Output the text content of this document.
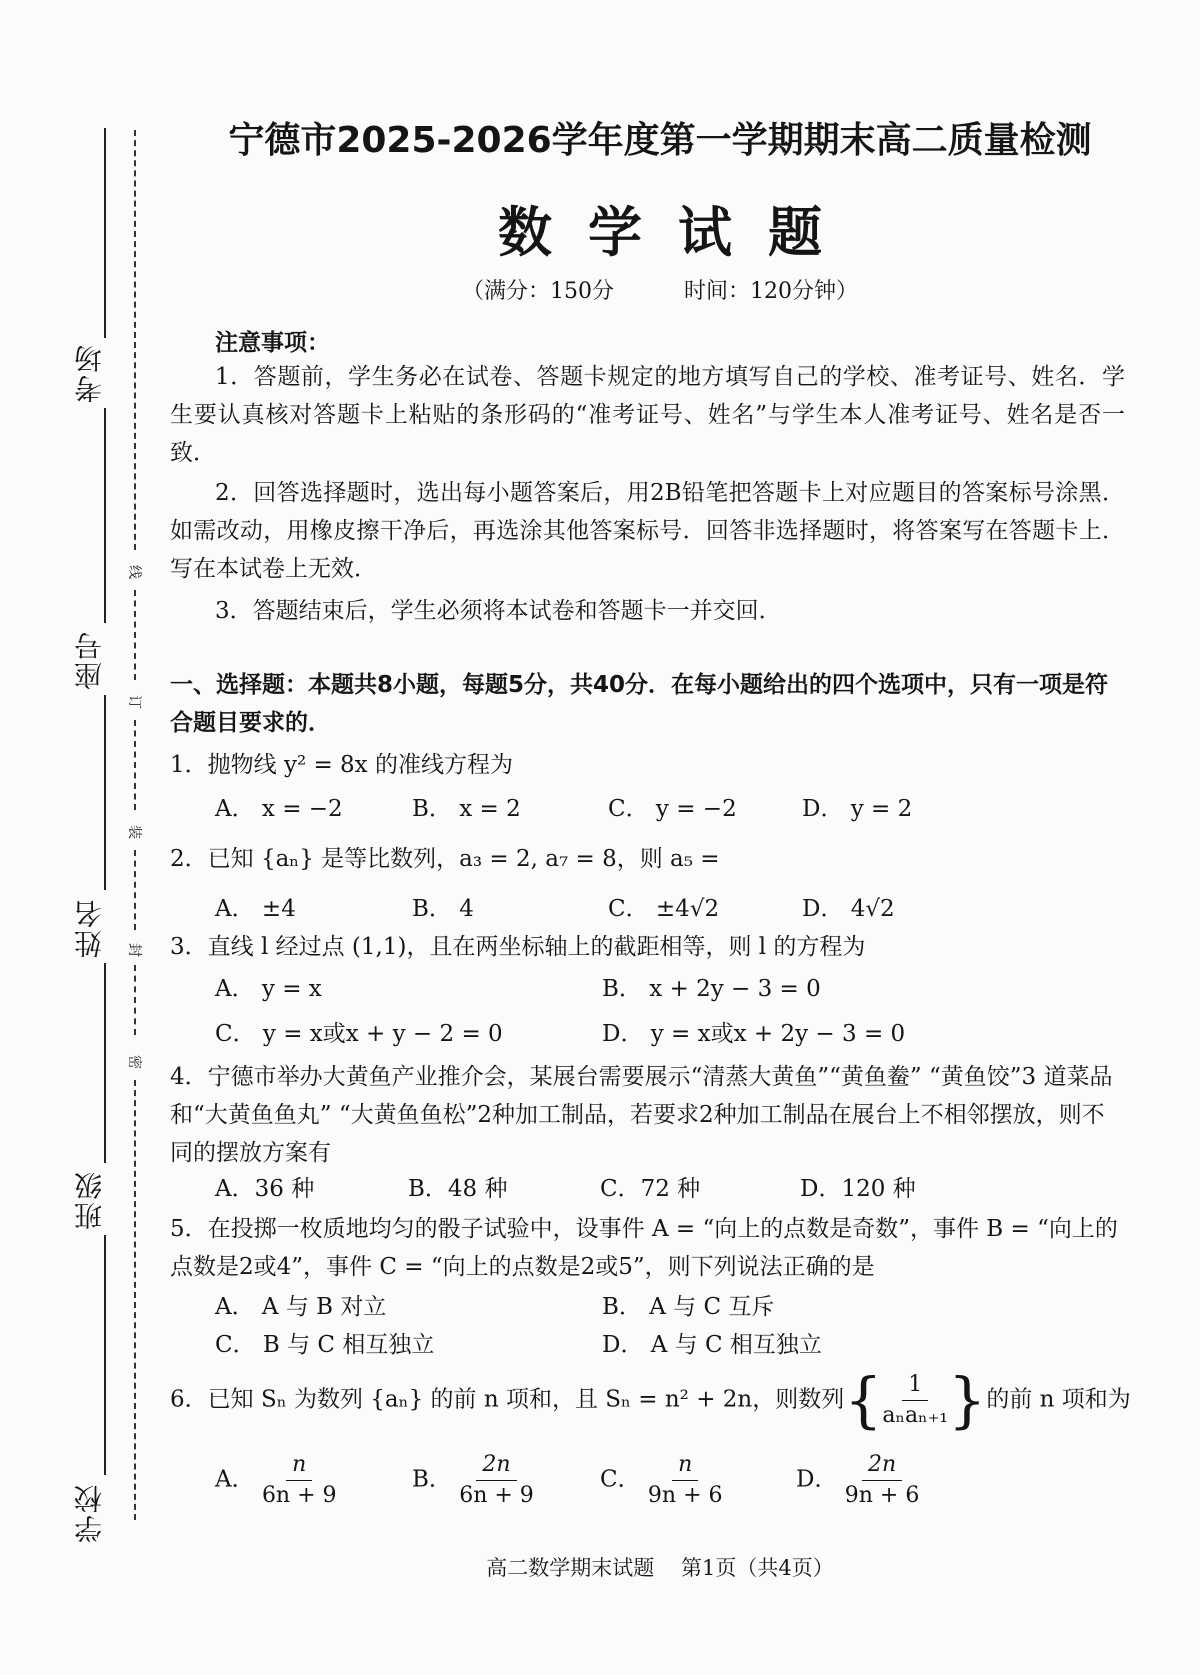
考场
座号
姓名
班级
学校
线
订
装
封
密
宁德市2025-2026学年度第一学期期末高二质量检测
数学试题
（满分：150分          时间：120分钟）
注意事项：
1．答题前，学生务必在试卷、答题卡规定的地方填写自己的学校、准考证号、姓名．学生要认真核对答题卡上粘贴的条形码的“准考证号、姓名”与学生本人准考证号、姓名是否一致．
2．回答选择题时，选出每小题答案后，用2B铅笔把答题卡上对应题目的答案标号涂黑．如需改动，用橡皮擦干净后，再选涂其他答案标号．回答非选择题时，将答案写在答题卡上．写在本试卷上无效．
3．答题结束后，学生必须将本试卷和答题卡一并交回．
一、选择题：本题共8小题，每题5分，共40分．在每小题给出的四个选项中，只有一项是符合题目要求的．
1．抛物线 y² = 8x 的准线方程为
A． x = −2	B． x = 2	C． y = −2	D． y = 2
2．已知 {aₙ} 是等比数列，a₃ = 2, a₇ = 8，则 a₅ =
A． ±4	B． 4	C． ±4√2	D． 4√2
3．直线 l 经过点 (1,1)，且在两坐标轴上的截距相等，则 l 的方程为
A． y = x	B． x + 2y − 3 = 0
C． y = x或x + y − 2 = 0	D． y = x或x + 2y − 3 = 0
4．宁德市举办大黄鱼产业推介会，某展台需要展示“清蒸大黄鱼”“黄鱼鲞” “黄鱼饺”3 道菜品和“大黄鱼鱼丸” “大黄鱼鱼松”2种加工制品，若要求2种加工制品在展台上不相邻摆放，则不同的摆放方案有
A．36 种	B．48 种	C．72 种	D．120 种
5．在投掷一枚质地均匀的骰子试验中，设事件 A = “向上的点数是奇数”，事件 B = “向上的点数是2或4”，事件 C = “向上的点数是2或5”，则下列说法正确的是
A． A 与 B 对立	B． A 与 C 互斥
C． B 与 C 相互独立	D． A 与 C 相互独立
6．已知 Sₙ 为数列 {aₙ} 的前 n 项和，且 Sₙ = n² + 2n，则数列{ $\frac{1}{\text{aₙaₙ₊₁}}$ }的前 n 项和为
A． $\frac{n}{6n + 9}$	B． $\frac{2n}{6n + 9}$	C． $\frac{n}{9n + 6}$	D． $\frac{2n}{9n + 6}$
高二数学期末试题    第1页（共4页）
